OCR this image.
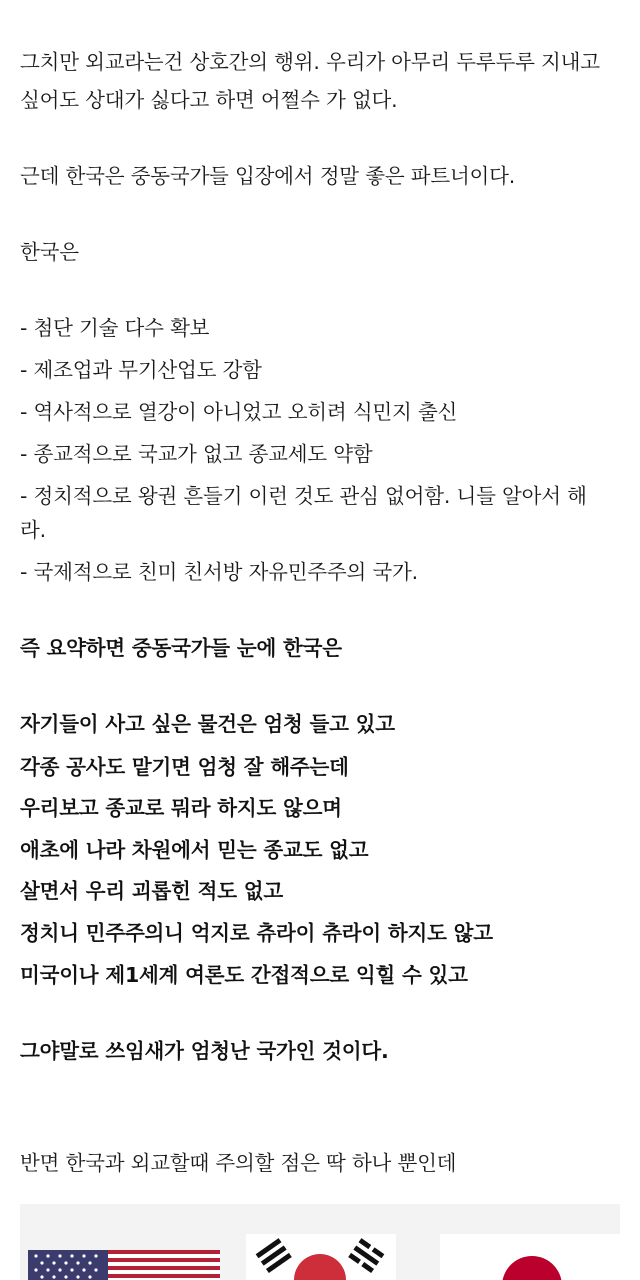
그치만 외교라는건 상호간의 행위. 우리가 아무리 두루두루 지내고
싶어도 상대가 싫다고 하면 어쩔수 가 없다.
근데 한국은 중동국가들 입장에서 정말 좋은 파트너이다.
한국은
- 첨단 기술 다수 확보
- 제조업과 무기산업도 강함
- 역사적으로 열강이 아니었고 오히려 식민지 출신
- 종교적으로 국교가 없고 종교세도 약함
- 정치적으로 왕권 흔들기 이런 것도 관심 없어함. 니들 알아서 해
라.
- 국제적으로 친미 친서방 자유민주주의 국가.
즉 요약하면 중동국가들 눈에 한국은
자기들이 사고 싶은 물건은 엄청 들고 있고
각종 공사도 맡기면 엄청 잘 해주는데
우리보고 종교로 뭐라 하지도 않으며
애초에 나라 차원에서 믿는 종교도 없고
살면서 우리 괴롭힌 적도 없고
정치니 민주주의니 억지로 츄라이 츄라이 하지도 않고
미국이나 제1세계 여론도 간접적으로 익힐 수 있고
그야말로 쓰임새가 엄청난 국가인 것이다.
반면 한국과 외교할때 주의할 점은 딱 하나 뿐인데
